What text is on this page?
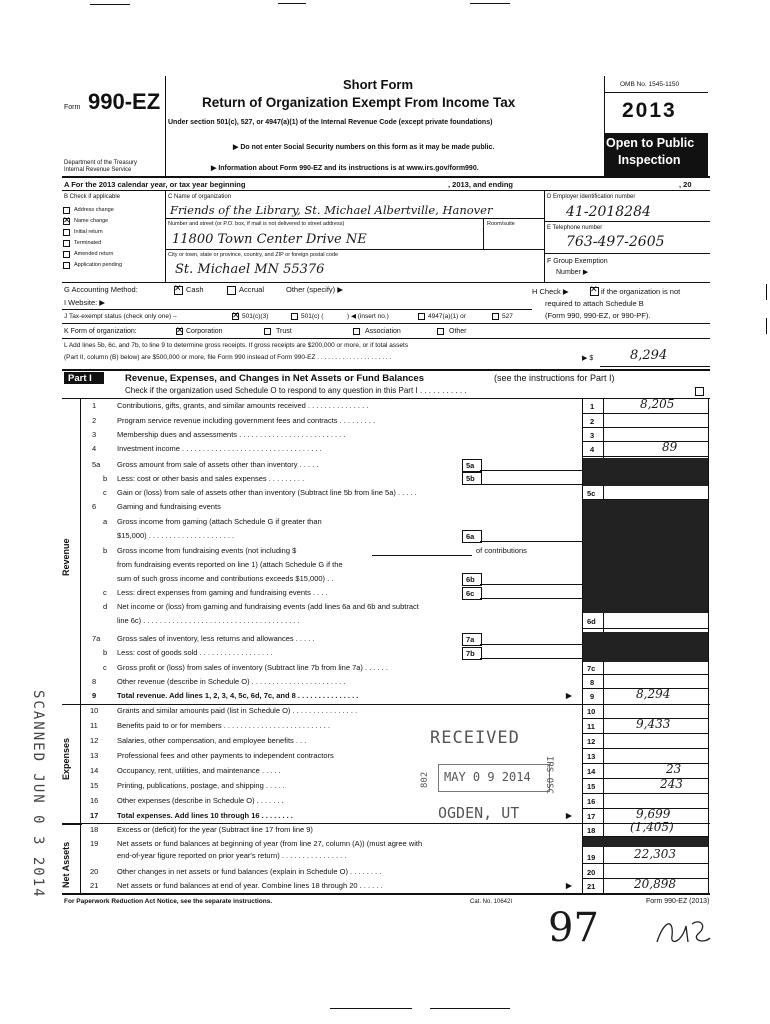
Form 990-EZ
Department of the Treasury
Internal Revenue Service
Short Form
Return of Organization Exempt From Income Tax
Under section 501(c), 527, or 4947(a)(1) of the Internal Revenue Code (except private foundations)
▶ Do not enter Social Security numbers on this form as it may be made public.
▶ Information about Form 990-EZ and its instructions is at www.irs.gov/form990.
OMB No. 1545-1150
2013
Open to Public
Inspection
A For the 2013 calendar year, or tax year beginning	, 2013, and ending	, 20
B Check if applicable
Address change
✕
Name change
Initial return
Terminated
Amended return
Application pending
C Name of organization
Friends of the Library, St. Michael Albertville, Hanover
Number and street (or P.O. box, if mail is not delivered to street address)	Room/suite
11800 Town Center Drive NE
City or town, state or province, country, and ZIP or foreign postal code
St. Michael MN 55376
D Employer identification number
41-2018284
E Telephone number
763-497-2605
F Group Exemption
Number ▶
G Accounting Method: ✕	Cash	Accrual	Other (specify) ▶	H Check ▶ ✕	if the organization is not
required to attach Schedule B
(Form 990, 990-EZ, or 990-PF).
I Website: ▶
J Tax-exempt status (check only one) – ✕	501(c)(3)	501(c) (	) ◀ (insert no.)	4947(a)(1) or	527
K Form of organization: ✕	Corporation	Trust	Association	Other
L Add lines 5b, 6c, and 7b, to line 9 to determine gross receipts. If gross receipts are $200,000 or more, or if total assets
(Part II, column (B) below) are $500,000 or more, file Form 990 instead of Form 990-EZ . . . . . . . . . . . . . . . . . . . . .	▶ $	8,294
Part I	Revenue, Expenses, and Changes in Net Assets or Fund Balances	(see the instructions for Part I)
Check if the organization used Schedule O to respond to any question in this Part I . . . . . . . . . . .
Revenue
Expenses
Net Assets
1	Contributions, gifts, grants, and similar amounts received . . . . . . . . . . . . . . .	1	8,205
2	Program service revenue including government fees and contracts . . . . . . . . .	2
3	Membership dues and assessments . . . . . . . . . . . . . . . . . . . . . . . . . .	3
4	Investment income . . . . . . . . . . . . . . . . . . . . . . . . . . . . . . . . . .	4	89
5a Gross amount from sale of assets other than inventory . . . . .	5a
b Less: cost or other basis and sales expenses . . . . . . . . .	5b
c Gain or (loss) from sale of assets other than inventory (Subtract line 5b from line 5a) . . . . .	5c
6	Gaming and fundraising events
a Gross income from gaming (attach Schedule G if greater than
$15,000) . . . . . . . . . . . . . . . . . . . . .	6a
b Gross income from fundraising events (not including $	of contributions
from fundraising events reported on line 1) (attach Schedule G if the
sum of such gross income and contributions exceeds $15,000) . .	6b
c Less: direct expenses from gaming and fundraising events . . . .	6c
d Net income or (loss) from gaming and fundraising events (add lines 6a and 6b and subtract
line 6c) . . . . . . . . . . . . . . . . . . . . . . . . . . . . . . . . . . . . . .	6d
7a Gross sales of inventory, less returns and allowances . . . . .	7a
b Less: cost of goods sold . . . . . . . . . . . . . . . . . .	7b
c Gross profit or (loss) from sales of inventory (Subtract line 7b from line 7a) . . . . . .	7c
8	Other revenue (describe in Schedule O) . . . . . . . . . . . . . . . . . . . . . . .	8
9	Total revenue. Add lines 1, 2, 3, 4, 5c, 6d, 7c, and 8 . . . . . . . . . . . . . . .	▶ 9	8,294
10 Grants and similar amounts paid (list in Schedule O) . . . . . . . . . . . . . . . .	10
11	Benefits paid to or for members . . . . . . . . . . . . . . . . . . . . . . . . . .	11	9,433
12 Salaries, other compensation, and employee benefits . . .	12
13 Professional fees and other payments to independent contractors	13
14 Occupancy, rent, utilities, and maintenance . . . . .	14	23
15 Printing, publications, postage, and shipping . . . . .	15	243
16 Other expenses (describe in Schedule O) . . . . . . .	16
17 Total expenses. Add lines 10 through 16 . . . . . . . .	▶ 17	9,699
18 Excess or (deficit) for the year (Subtract line 17 from line 9)	18	(1,405)
19 Net assets or fund balances at beginning of year (from line 27, column (A)) (must agree with
end-of-year figure reported on prior year's return) . . . . . . . . . . . . . . . .	19	22,303
20 Other changes in net assets or fund balances (explain in Schedule O) . . . . . . . .	20
21 Net assets or fund balances at end of year. Combine lines 18 through 20 . . . . . .	▶ 21	20,898
For Paperwork Reduction Act Notice, see the separate instructions.	Cat. No. 10642I	Form 990-EZ (2013)
RECEIVED
MAY 0 9 2014
OGDEN, UT
802	IRS-OSC
SCANNED JUN 0 3 2014
97
